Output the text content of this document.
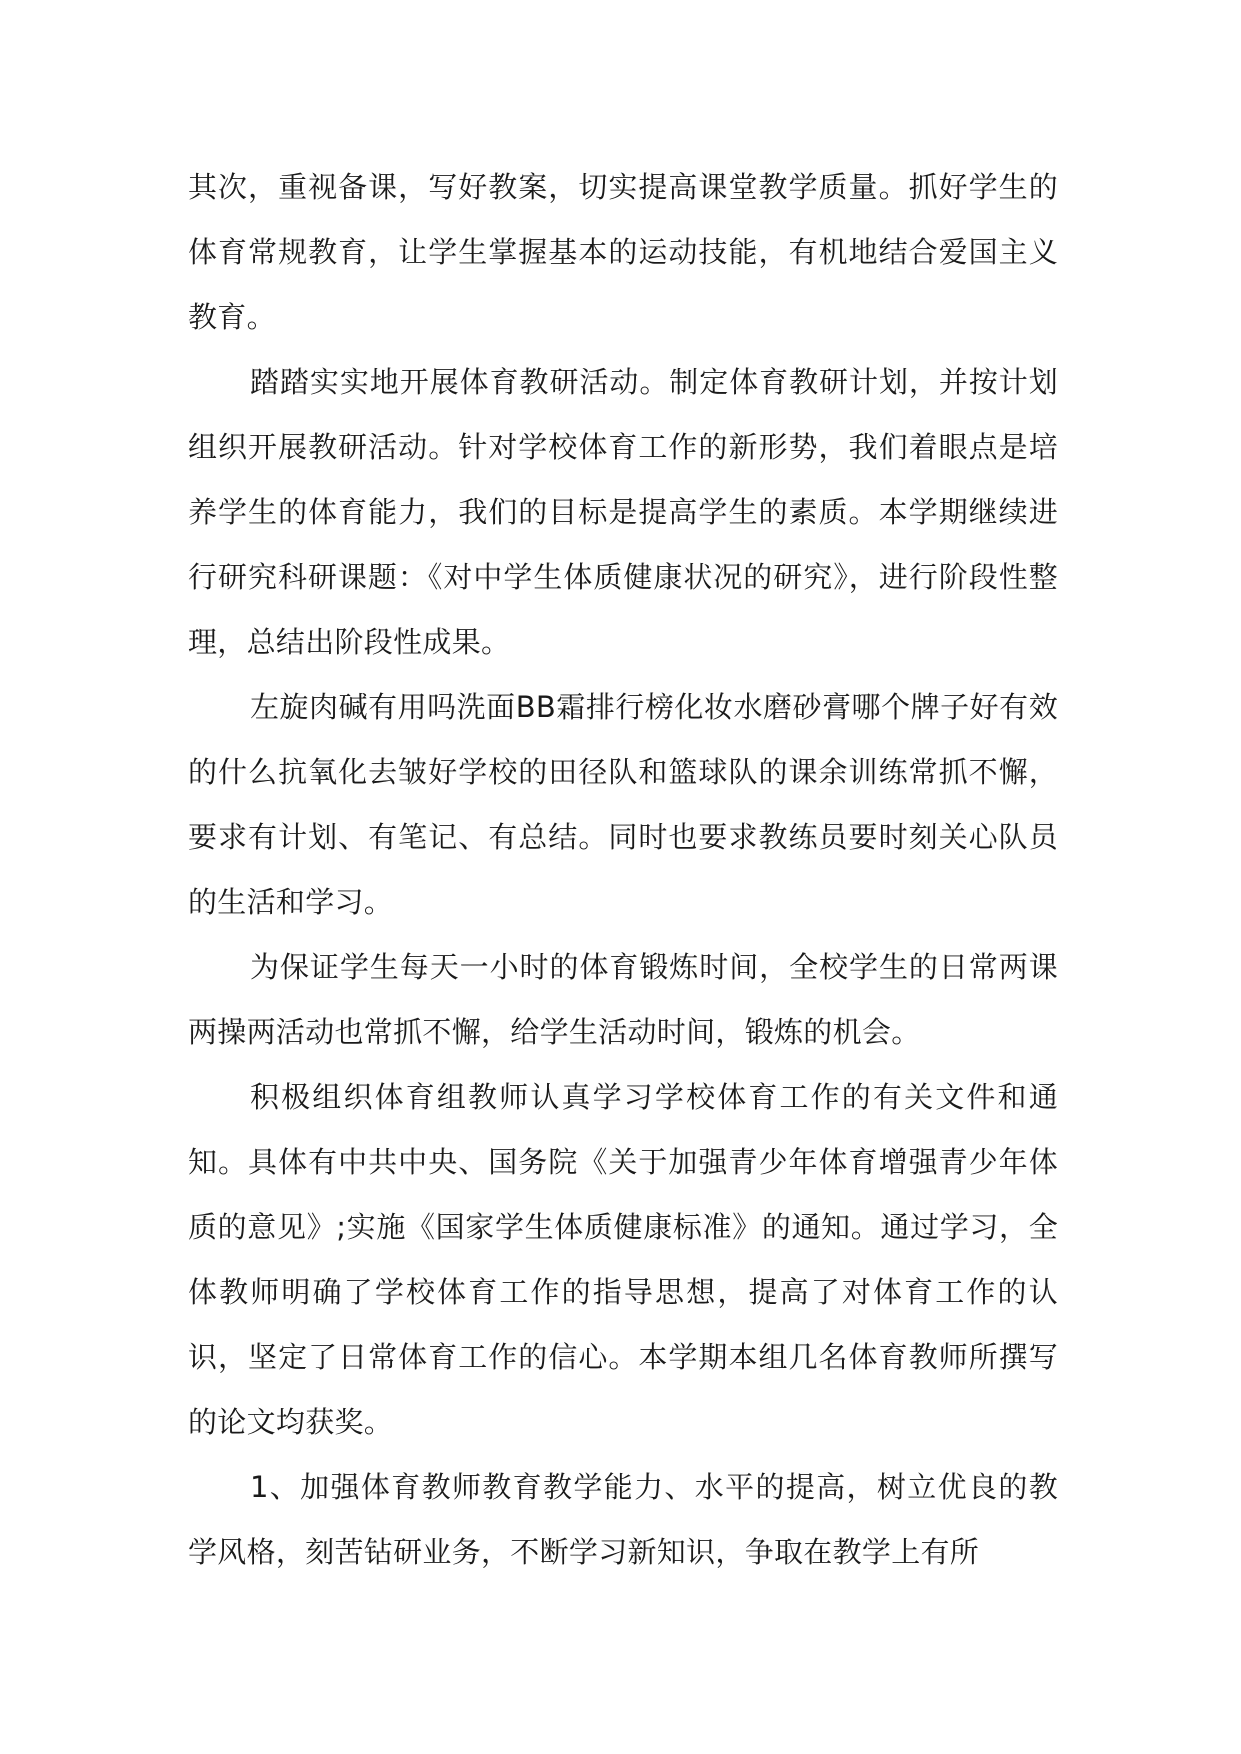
其次，重视备课，写好教案，切实提高课堂教学质量。抓好学生的体育常规教育，让学生掌握基本的运动技能，有机地结合爱国主义教育。

踏踏实实地开展体育教研活动。制定体育教研计划，并按计划组织开展教研活动。针对学校体育工作的新形势，我们着眼点是培养学生的体育能力，我们的目标是提高学生的素质。本学期继续进行研究科研课题：《对中学生体质健康状况的研究》，进行阶段性整理，总结出阶段性成果。

左旋肉碱有用吗洗面BB霜排行榜化妆水磨砂膏哪个牌子好有效的什么抗氧化去皱好学校的田径队和篮球队的课余训练常抓不懈，要求有计划、有笔记、有总结。同时也要求教练员要时刻关心队员的生活和学习。

为保证学生每天一小时的体育锻炼时间，全校学生的日常两课两操两活动也常抓不懈，给学生活动时间，锻炼的机会。

积极组织体育组教师认真学习学校体育工作的有关文件和通知。具体有中共中央、国务院《关于加强青少年体育增强青少年体质的意见》;实施《国家学生体质健康标准》的通知。通过学习，全体教师明确了学校体育工作的指导思想，提高了对体育工作的认识，坚定了日常体育工作的信心。本学期本组几名体育教师所撰写的论文均获奖。

1、加强体育教师教育教学能力、水平的提高，树立优良的教学风格，刻苦钻研业务，不断学习新知识，争取在教学上有所
